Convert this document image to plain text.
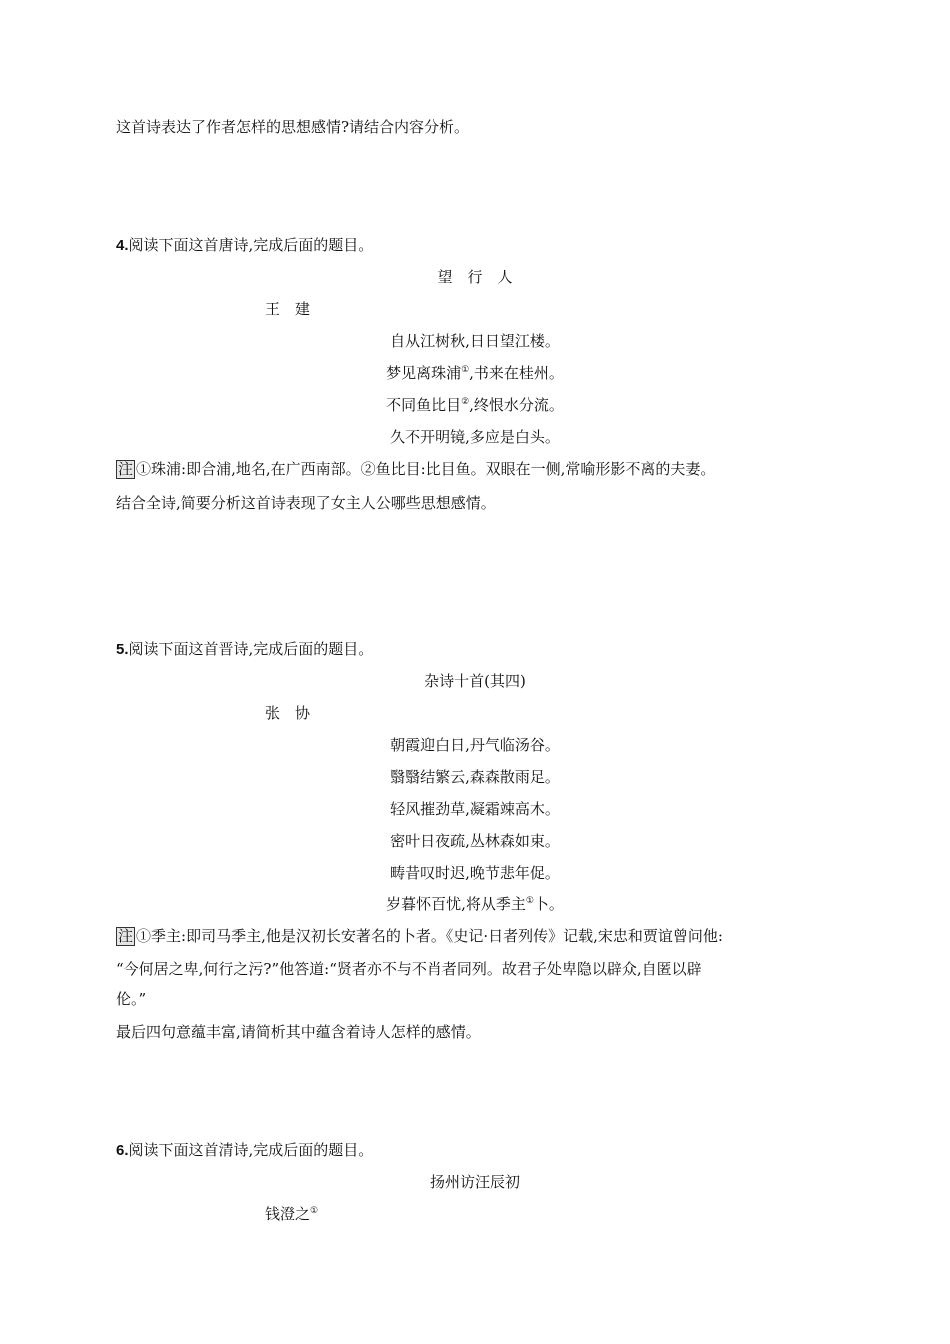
这首诗表达了作者怎样的思想感情?请结合内容分析。
4.阅读下面这首唐诗,完成后面的题目。
望　行　人
王　建
自从江树秋,日日望江楼。
梦见离珠浦①,书来在桂州。
不同鱼比目②,终恨水分流。
久不开明镜,多应是白头。
注 ①珠浦:即合浦,地名,在广西南部。②鱼比目:比目鱼。双眼在一侧,常喻形影不离的夫妻。
结合全诗,简要分析这首诗表现了女主人公哪些思想感情。
5.阅读下面这首晋诗,完成后面的题目。
杂诗十首(其四)
张　协
朝霞迎白日,丹气临汤谷。
翳翳结繁云,森森散雨足。
轻风摧劲草,凝霜竦高木。
密叶日夜疏,丛林森如束。
畴昔叹时迟,晚节悲年促。
岁暮怀百忧,将从季主①卜。
注 ①季主:即司马季主,他是汉初长安著名的卜者。《史记·日者列传》记载,宋忠和贾谊曾问他:
“今何居之卑,何行之污?”他答道:“贤者亦不与不肖者同列。故君子处卑隐以辟众,自匿以辟
伦。”
最后四句意蕴丰富,请简析其中蕴含着诗人怎样的感情。
6.阅读下面这首清诗,完成后面的题目。
扬州访汪辰初
钱澄之①
